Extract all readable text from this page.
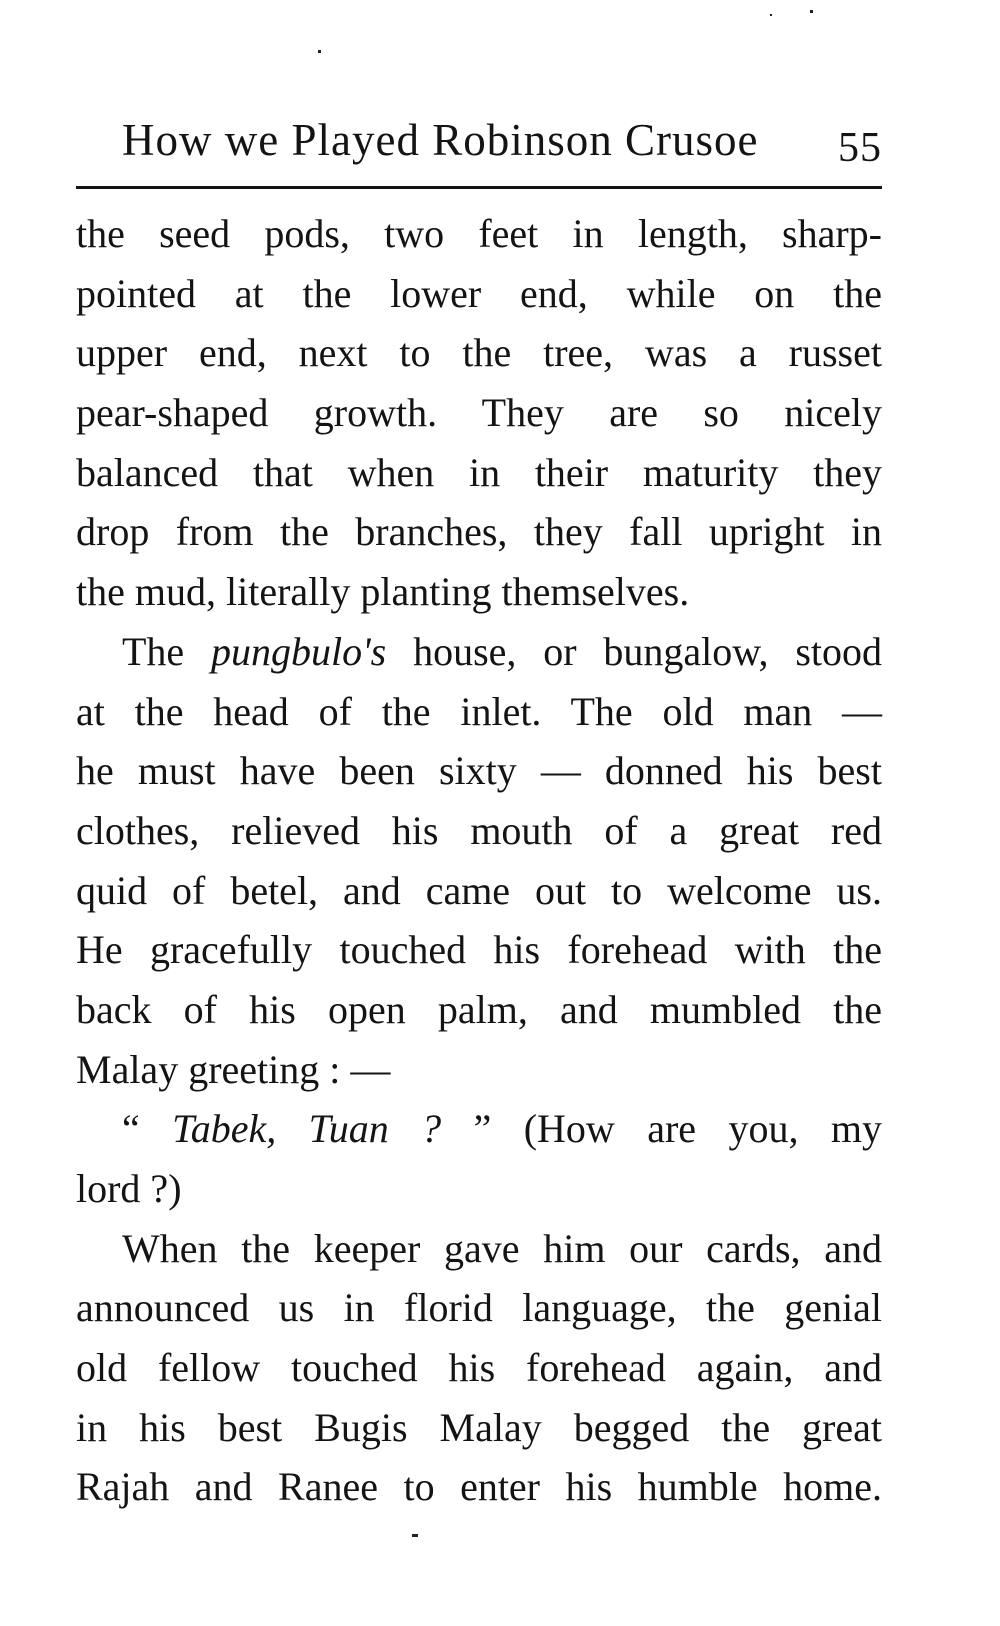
How we Played Robinson Crusoe 55
the seed pods, two feet in length, sharp-
pointed at the lower end, while on the
upper end, next to the tree, was a russet
pear-shaped growth. They are so nicely
balanced that when in their maturity they
drop from the branches, they fall upright in
the mud, literally planting themselves.
The pungbulo's house, or bungalow, stood
at the head of the inlet. The old man —
he must have been sixty — donned his best
clothes, relieved his mouth of a great red
quid of betel, and came out to welcome us.
He gracefully touched his forehead with the
back of his open palm, and mumbled the
Malay greeting : —
“ Tabek, Tuan ? ” (How are you, my
lord ?)
When the keeper gave him our cards, and
announced us in florid language, the genial
old fellow touched his forehead again, and
in his best Bugis Malay begged the great
Rajah and Ranee to enter his humble home.
